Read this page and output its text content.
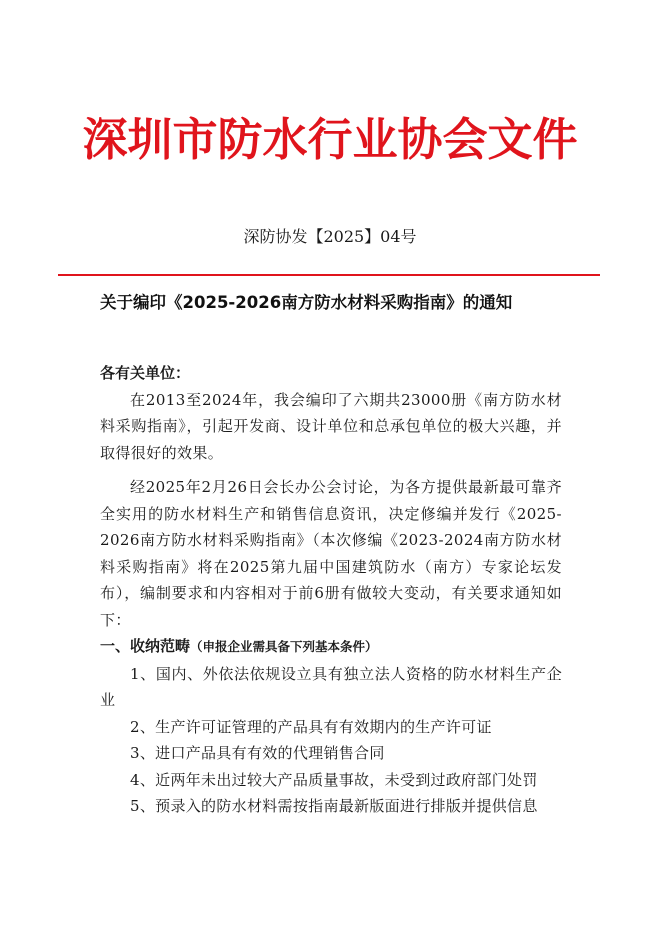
深圳市防水行业协会文件
深防协发【2025】04号
关于编印《2025-2026南方防水材料采购指南》的通知

各有关单位：

在2013至2024年，我会编印了六期共23000册《南方防水材料采购指南》，引起开发商、设计单位和总承包单位的极大兴趣，并取得很好的效果。

经2025年2月26日会长办公会讨论，为各方提供最新最可靠齐全实用的防水材料生产和销售信息资讯，决定修编并发行《2025-2026南方防水材料采购指南》（本次修编《2023-2024南方防水材料采购指南》将在2025第九届中国建筑防水（南方）专家论坛发布），编制要求和内容相对于前6册有做较大变动，有关要求通知如下：

一、收纳范畴（申报企业需具备下列基本条件）

1、国内、外依法依规设立具有独立法人资格的防水材料生产企业

2、生产许可证管理的产品具有有效期内的生产许可证

3、进口产品具有有效的代理销售合同

4、近两年未出过较大产品质量事故，未受到过政府部门处罚

5、预录入的防水材料需按指南最新版面进行排版并提供信息
